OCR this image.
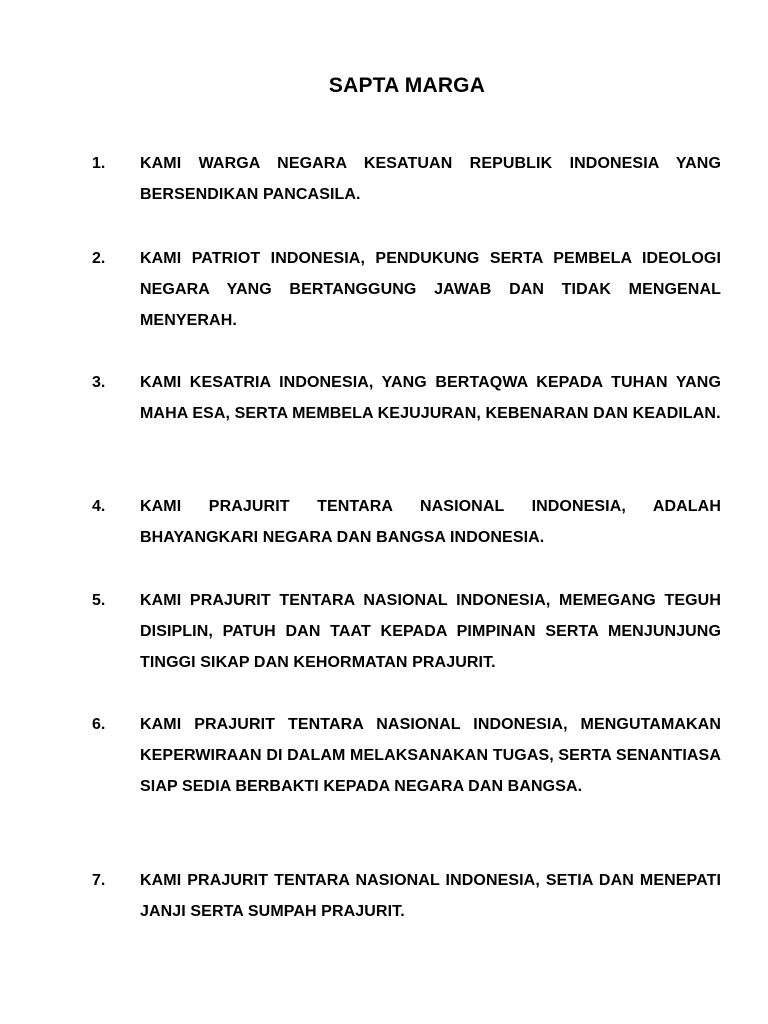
SAPTA MARGA
1.	KAMI WARGA NEGARA KESATUAN REPUBLIK INDONESIA YANG BERSENDIKAN PANCASILA.
2.	KAMI PATRIOT INDONESIA, PENDUKUNG SERTA PEMBELA IDEOLOGI NEGARA YANG BERTANGGUNG JAWAB DAN TIDAK MENGENAL MENYERAH.
3.	KAMI KESATRIA INDONESIA, YANG BERTAQWA KEPADA TUHAN YANG MAHA ESA, SERTA MEMBELA KEJUJURAN, KEBENARAN DAN KEADILAN.
4.	KAMI PRAJURIT TENTARA NASIONAL INDONESIA, ADALAH BHAYANGKARI NEGARA DAN BANGSA INDONESIA.
5.	KAMI PRAJURIT TENTARA NASIONAL INDONESIA, MEMEGANG TEGUH DISIPLIN, PATUH DAN TAAT KEPADA PIMPINAN SERTA MENJUNJUNG TINGGI SIKAP DAN KEHORMATAN PRAJURIT.
6.	KAMI PRAJURIT TENTARA NASIONAL INDONESIA, MENGUTAMAKAN KEPERWIRAAN DI DALAM MELAKSANAKAN TUGAS, SERTA SENANTIASA SIAP SEDIA BERBAKTI KEPADA NEGARA DAN BANGSA.
7.	KAMI PRAJURIT TENTARA NASIONAL INDONESIA, SETIA DAN MENEPATI JANJI SERTA SUMPAH PRAJURIT.
